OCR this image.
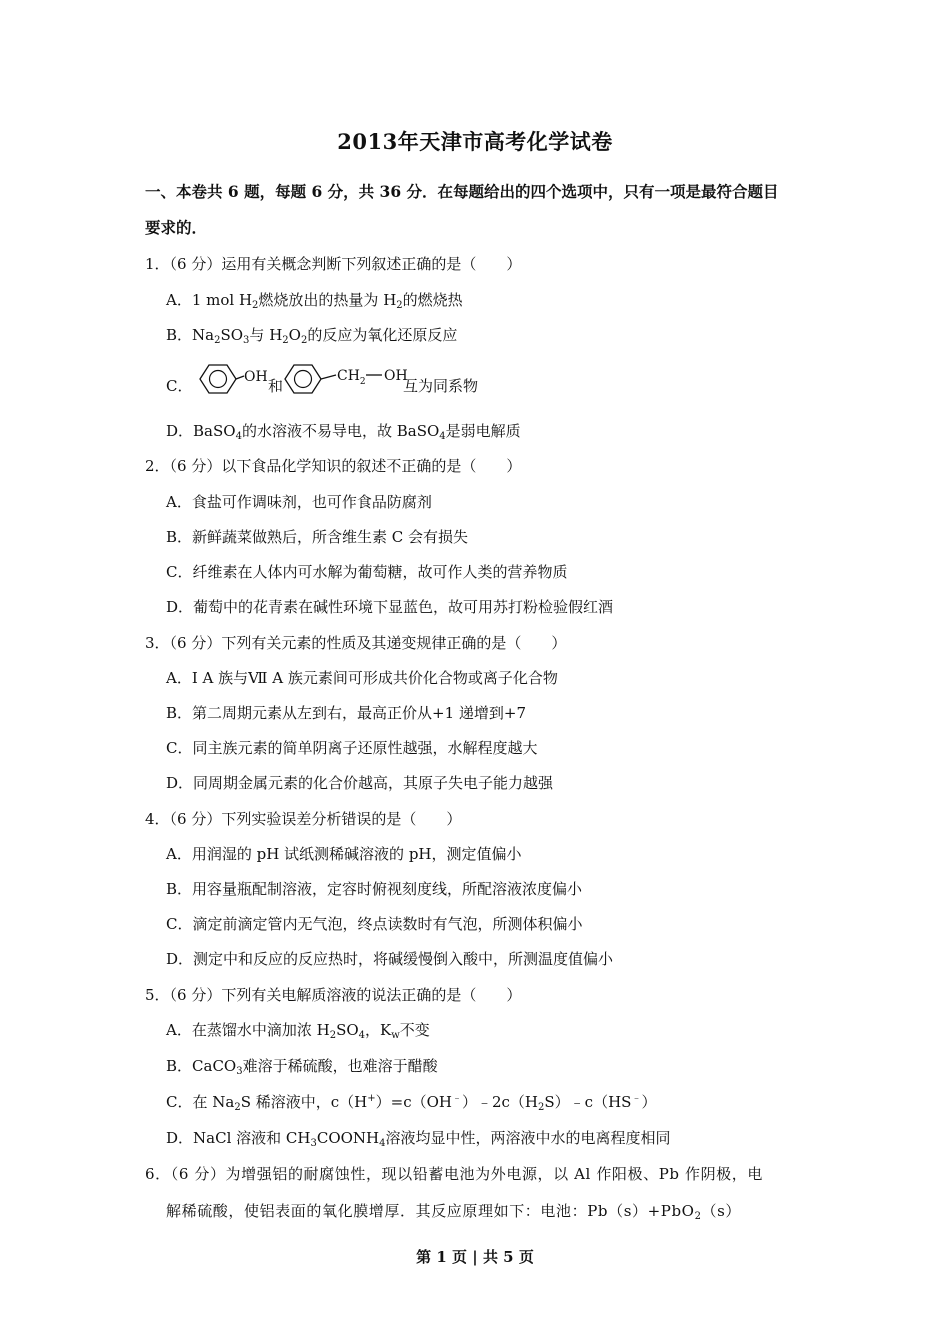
2013年天津市高考化学试卷
一、本卷共 6 题，每题 6 分，共 36 分．在每题给出的四个选项中，只有一项是最符合题目
要求的．
1．（6 分）运用有关概念判断下列叙述正确的是（　　）
A．1 mol $H_2$燃烧放出的热量为 $H_2$的燃烧热
B．$Na_2SO_3$与 $H_2O_2$的反应为氧化还原反应
C．	OH 和
$CH_2$ OH
互为同系物
D．BaSO$_4$的水溶液不易导电，故 BaSO$_4$是弱电解质
2．（6 分）以下食品化学知识的叙述不正确的是（　　）
A．食盐可作调味剂，也可作食品防腐剂
B．新鲜蔬菜做熟后，所含维生素 C 会有损失
C．纤维素在人体内可水解为葡萄糖，故可作人类的营养物质
D．葡萄中的花青素在碱性环境下显蓝色，故可用苏打粉检验假红酒
3．（6 分）下列有关元素的性质及其递变规律正确的是（　　）
A．Ⅰ A 族与Ⅶ A 族元素间可形成共价化合物或离子化合物
B．第二周期元素从左到右，最高正价从+1 递增到+7
C．同主族元素的简单阴离子还原性越强，水解程度越大
D．同周期金属元素的化合价越高，其原子失电子能力越强
4．（6 分）下列实验误差分析错误的是（　　）
A．用润湿的 pH 试纸测稀碱溶液的 pH，测定值偏小
B．用容量瓶配制溶液，定容时俯视刻度线，所配溶液浓度偏小
C．滴定前滴定管内无气泡，终点读数时有气泡，所测体积偏小
D．测定中和反应的反应热时，将碱缓慢倒入酸中，所测温度值偏小
5．（6 分）下列有关电解质溶液的说法正确的是（　　）
A．在蒸馏水中滴加浓 $H_2SO_4$，$K_w$不变
B．CaCO$_3$难溶于稀硫酸，也难溶于醋酸
C．在 $Na_2S$ 稀溶液中，$c(H^+)=c(OH^﹣)﹣2c(H_2S)﹣c(HS^﹣)$
D．NaCl 溶液和 $CH_3COONH_4$溶液均显中性，两溶液中水的电离程度相同
6．（6 分）为增强铝的耐腐蚀性，现以铅蓄电池为外电源，以 Al 作阳极、Pb 作阴极，电
解稀硫酸，使铝表面的氧化膜增厚．其反应原理如下：电池：Pb（s）+PbO$_2$（s）
第 1 页 | 共 5 页
